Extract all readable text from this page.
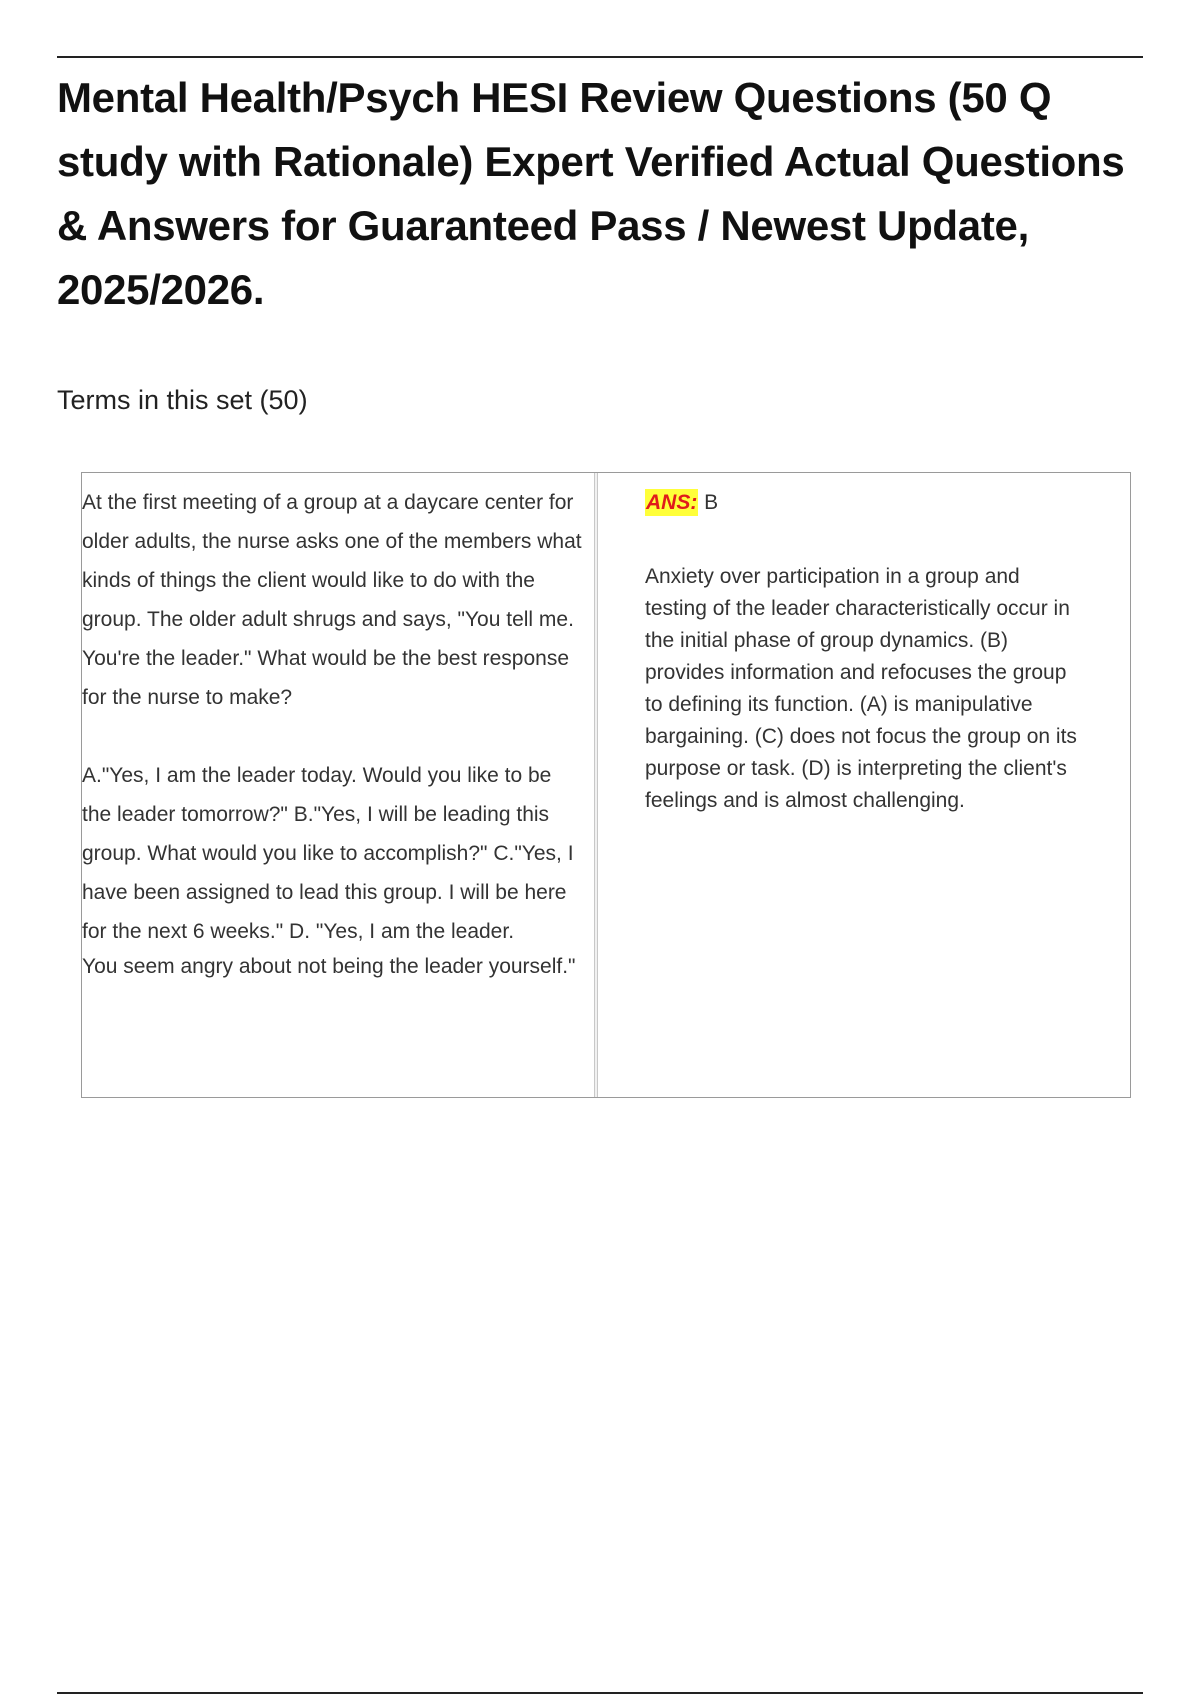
Mental Health/Psych HESI Review Questions (50 Q study with Rationale) Expert Verified Actual Questions & Answers for Guaranteed Pass / Newest Update, 2025/2026.
Terms in this set (50)

At the first meeting of a group at a daycare center for older adults, the nurse asks one of the members what kinds of things the client would like to do with the group. The older adult shrugs and says, "You tell me. You're the leader." What would be the best response for the nurse to make?

A."Yes, I am the leader today. Would you like to be the leader tomorrow?" B."Yes, I will be leading this group. What would you like to accomplish?" C."Yes, I have been assigned to lead this group. I will be here for the next 6 weeks." D. "Yes, I am the leader.

You seem angry about not being the leader yourself."

ANS: B

Anxiety over participation in a group and testing of the leader characteristically occur in the initial phase of group dynamics. (B) provides information and refocuses the group to defining its function. (A) is manipulative bargaining. (C) does not focus the group on its purpose or task. (D) is interpreting the client's feelings and is almost challenging.
